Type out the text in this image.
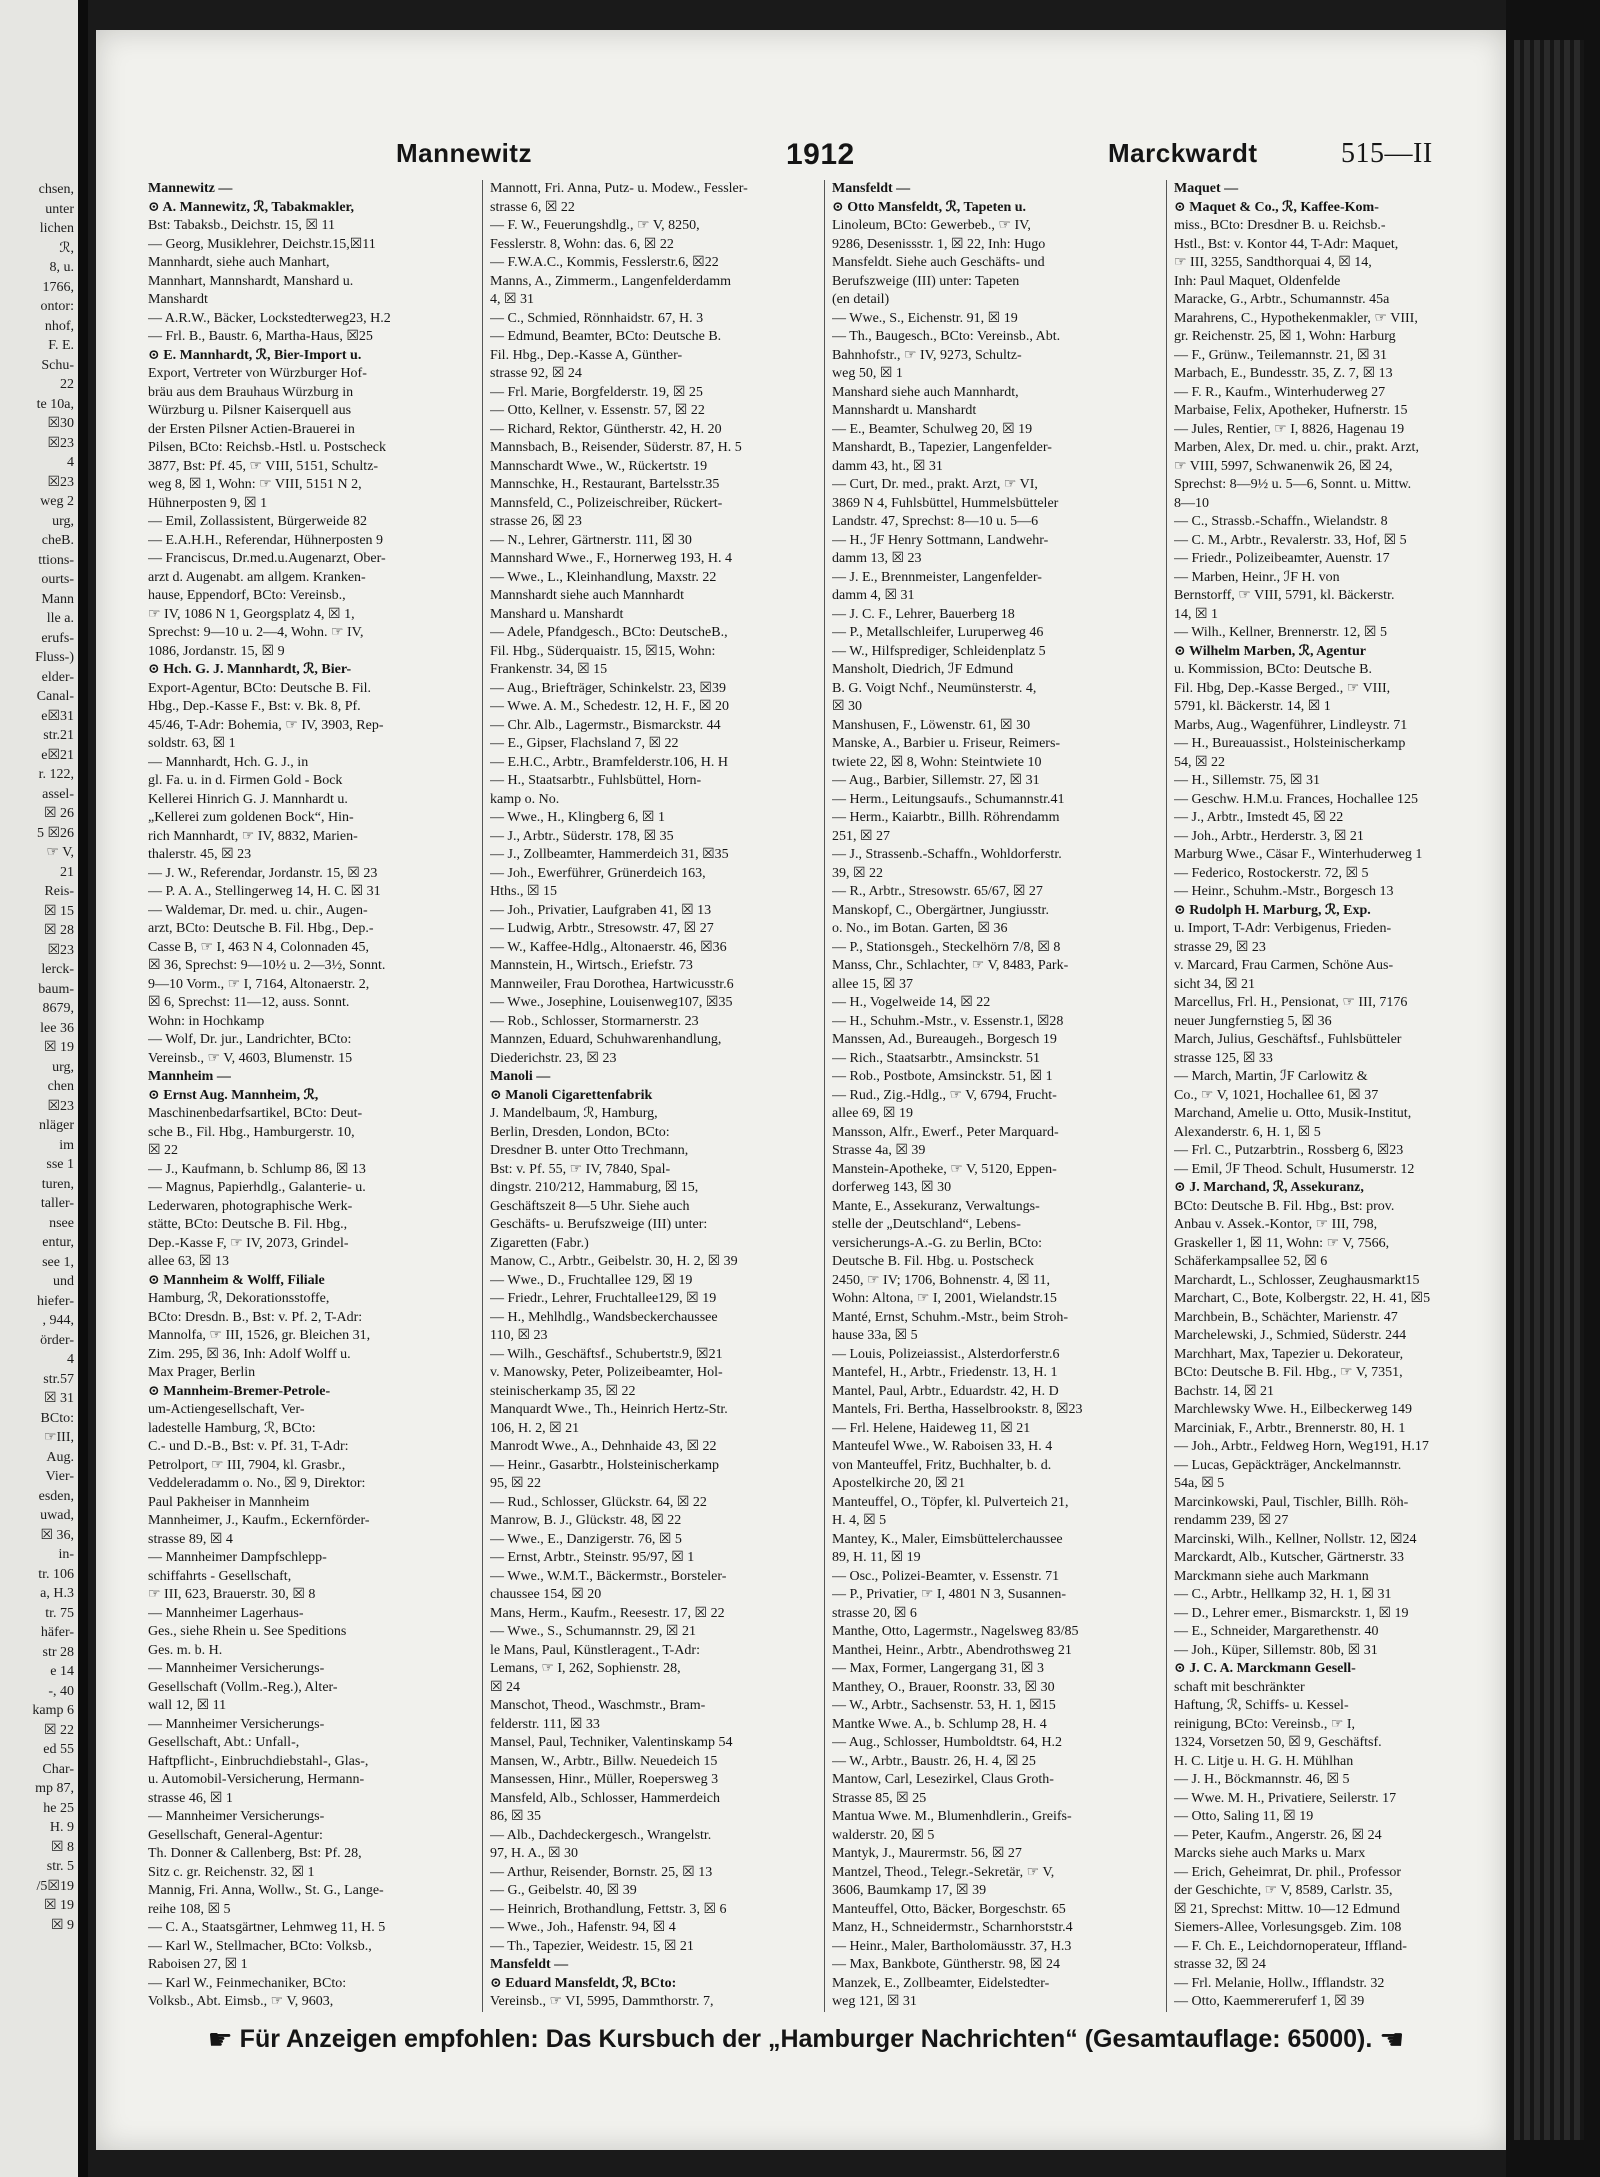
chsen,
unter
lichen
ℛ,
8, u.
1766,
ontor:
nhof,
F. E.
Schu-
22
te 10a,
☒30
☒23
4
☒23
weg 2
urg,
cheB.
ttions-
ourts-
Mann
lle a.
erufs-
Fluss-)
elder-
Canal-
e☒31
str.21
e☒21
r. 122,
assel-
☒ 26
5 ☒26
☞ V,
21
Reis-
☒ 15
☒ 28
☒23
lerck-
baum-
8679,
lee 36
☒ 19
urg,
chen
☒23
nläger
im
sse 1
turen,
taller-
nsee
entur,
see 1,
und
hiefer-
, 944,
örder-
4
str.57
☒ 31
BCto:
☞III,
Aug.
Vier-
esden,
uwad,
☒ 36,
in-
tr. 106
a, H.3
tr. 75
häfer-
str 28
e 14
-, 40
kamp 6
☒ 22
ed 55
Char-
mp 87,
he 25
H. 9
☒ 8
str. 5
/5☒19
☒ 19
☒ 9
Mannewitz	1912	Marckwardt	515—II
Mannewitz —
⊙ A. Mannewitz, ℛ, Tabakmakler,
Bst: Tabaksb., Deichstr. 15, ☒ 11
— Georg, Musiklehrer, Deichstr.15,☒11
Mannhardt, siehe auch Manhart,
Mannhart, Mannshardt, Manshard u.
Manshardt
— A.R.W., Bäcker, Lockstedterweg23, H.2
— Frl. B., Baustr. 6, Martha-Haus, ☒25
⊙ E. Mannhardt, ℛ, Bier-Import u.
Export, Vertreter von Würzburger Hof-
bräu aus dem Brauhaus Würzburg in
Würzburg u. Pilsner Kaiserquell aus
der Ersten Pilsner Actien-Brauerei in
Pilsen, BCto: Reichsb.-Hstl. u. Postscheck
3877, Bst: Pf. 45, ☞ VIII, 5151, Schultz-
weg 8, ☒ 1, Wohn: ☞ VIII, 5151 N 2,
Hühnerposten 9, ☒ 1
— Emil, Zollassistent, Bürgerweide 82
— E.A.H.H., Referendar, Hühnerposten 9
— Franciscus, Dr.med.u.Augenarzt, Ober-
arzt d. Augenabt. am allgem. Kranken-
hause, Eppendorf, BCto: Vereinsb.,
☞ IV, 1086 N 1, Georgsplatz 4, ☒ 1,
Sprechst: 9—10 u. 2—4, Wohn. ☞ IV,
1086, Jordanstr. 15, ☒ 9
⊙ Hch. G. J. Mannhardt, ℛ, Bier-
Export-Agentur, BCto: Deutsche B. Fil.
Hbg., Dep.-Kasse F., Bst: v. Bk. 8, Pf.
45/46, T-Adr: Bohemia, ☞ IV, 3903, Rep-
soldstr. 63, ☒ 1
— Mannhardt, Hch. G. J., in
gl. Fa. u. in d. Firmen Gold - Bock
Kellerei Hinrich G. J. Mannhardt u.
„Kellerei zum goldenen Bock“, Hin-
rich Mannhardt, ☞ IV, 8832, Marien-
thalerstr. 45, ☒ 23
— J. W., Referendar, Jordanstr. 15, ☒ 23
— P. A. A., Stellingerweg 14, H. C. ☒ 31
— Waldemar, Dr. med. u. chir., Augen-
arzt, BCto: Deutsche B. Fil. Hbg., Dep.-
Casse B, ☞ I, 463 N 4, Colonnaden 45,
☒ 36, Sprechst: 9—10½ u. 2—3½, Sonnt.
9—10 Vorm., ☞ I, 7164, Altonaerstr. 2,
☒ 6, Sprechst: 11—12, auss. Sonnt.
Wohn: in Hochkamp
— Wolf, Dr. jur., Landrichter, BCto:
Vereinsb., ☞ V, 4603, Blumenstr. 15
Mannheim —
⊙ Ernst Aug. Mannheim, ℛ,
Maschinenbedarfsartikel, BCto: Deut-
sche B., Fil. Hbg., Hamburgerstr. 10,
☒ 22
— J., Kaufmann, b. Schlump 86, ☒ 13
— Magnus, Papierhdlg., Galanterie- u.
Lederwaren, photographische Werk-
stätte, BCto: Deutsche B. Fil. Hbg.,
Dep.-Kasse F, ☞ IV, 2073, Grindel-
allee 63, ☒ 13
⊙ Mannheim & Wolff, Filiale
Hamburg, ℛ, Dekorationsstoffe,
BCto: Dresdn. B., Bst: v. Pf. 2, T-Adr:
Mannolfa, ☞ III, 1526, gr. Bleichen 31,
Zim. 295, ☒ 36, Inh: Adolf Wolff u.
Max Prager, Berlin
⊙ Mannheim-Bremer-Petrole-
um-Actiengesellschaft, Ver-
ladestelle Hamburg, ℛ, BCto:
C.- und D.-B., Bst: v. Pf. 31, T-Adr:
Petrolport, ☞ III, 7904, kl. Grasbr.,
Veddeleradamm o. No., ☒ 9, Direktor:
Paul Pakheiser in Mannheim
Mannheimer, J., Kaufm., Eckernförder-
strasse 89, ☒ 4
— Mannheimer Dampfschlepp-
schiffahrts - Gesellschaft,
☞ III, 623, Brauerstr. 30, ☒ 8
— Mannheimer Lagerhaus-
Ges., siehe Rhein u. See Speditions
Ges. m. b. H.
— Mannheimer Versicherungs-
Gesellschaft (Vollm.-Reg.), Alter-
wall 12, ☒ 11
— Mannheimer Versicherungs-
Gesellschaft, Abt.: Unfall-,
Haftpflicht-, Einbruchdiebstahl-, Glas-,
u. Automobil-Versicherung, Hermann-
strasse 46, ☒ 1
— Mannheimer Versicherungs-
Gesellschaft, General-Agentur:
Th. Donner & Callenberg, Bst: Pf. 28,
Sitz c. gr. Reichenstr. 32, ☒ 1
Mannig, Fri. Anna, Wollw., St. G., Lange-
reihe 108, ☒ 5
— C. A., Staatsgärtner, Lehmweg 11, H. 5
— Karl W., Stellmacher, BCto: Volksb.,
Raboisen 27, ☒ 1
— Karl W., Feinmechaniker, BCto:
Volksb., Abt. Eimsb., ☞ V, 9603,
Mannott, Fri. Anna, Putz- u. Modew., Fessler-
strasse 6, ☒ 22
— F. W., Feuerungshdlg., ☞ V, 8250,
Fesslerstr. 8, Wohn: das. 6, ☒ 22
— F.W.A.C., Kommis, Fesslerstr.6, ☒22
Manns, A., Zimmerm., Langenfelderdamm
4, ☒ 31
— C., Schmied, Rönnhaidstr. 67, H. 3
— Edmund, Beamter, BCto: Deutsche B.
Fil. Hbg., Dep.-Kasse A, Günther-
strasse 92, ☒ 24
— Frl. Marie, Borgfelderstr. 19, ☒ 25
— Otto, Kellner, v. Essenstr. 57, ☒ 22
— Richard, Rektor, Güntherstr. 42, H. 20
Mannsbach, B., Reisender, Süderstr. 87, H. 5
Mannschardt Wwe., W., Rückertstr. 19
Mannschke, H., Restaurant, Bartelsstr.35
Mannsfeld, C., Polizeischreiber, Rückert-
strasse 26, ☒ 23
— N., Lehrer, Gärtnerstr. 111, ☒ 30
Mannshard Wwe., F., Hornerweg 193, H. 4
— Wwe., L., Kleinhandlung, Maxstr. 22
Mannshardt siehe auch Mannhardt
Manshard u. Manshardt
— Adele, Pfandgesch., BCto: DeutscheB.,
Fil. Hbg., Süderquaistr. 15, ☒15, Wohn:
Frankenstr. 34, ☒ 15
— Aug., Briefträger, Schinkelstr. 23, ☒39
— Wwe. A. M., Schedestr. 12, H. F., ☒ 20
— Chr. Alb., Lagermstr., Bismarckstr. 44
— E., Gipser, Flachsland 7, ☒ 22
— E.H.C., Arbtr., Bramfelderstr.106, H. H
— H., Staatsarbtr., Fuhlsbüttel, Horn-
kamp o. No.
— Wwe., H., Klingberg 6, ☒ 1
— J., Arbtr., Süderstr. 178, ☒ 35
— J., Zollbeamter, Hammerdeich 31, ☒35
— Joh., Ewerführer, Grünerdeich 163,
Hths., ☒ 15
— Joh., Privatier, Laufgraben 41, ☒ 13
— Ludwig, Arbtr., Stresowstr. 47, ☒ 27
— W., Kaffee-Hdlg., Altonaerstr. 46, ☒36
Mannstein, H., Wirtsch., Eriefstr. 73
Mannweiler, Frau Dorothea, Hartwicusstr.6
— Wwe., Josephine, Louisenweg107, ☒35
— Rob., Schlosser, Stormarnerstr. 23
Mannzen, Eduard, Schuhwarenhandlung,
Diederichstr. 23, ☒ 23
Manoli —
⊙ Manoli Cigarettenfabrik
J. Mandelbaum, ℛ, Hamburg,
Berlin, Dresden, London, BCto:
Dresdner B. unter Otto Trechmann,
Bst: v. Pf. 55, ☞ IV, 7840, Spal-
dingstr. 210/212, Hammaburg, ☒ 15,
Geschäftszeit 8—5 Uhr. Siehe auch
Geschäfts- u. Berufszweige (III) unter:
Zigaretten (Fabr.)
Manow, C., Arbtr., Geibelstr. 30, H. 2, ☒ 39
— Wwe., D., Fruchtallee 129, ☒ 19
— Friedr., Lehrer, Fruchtallee129, ☒ 19
— H., Mehlhdlg., Wandsbeckerchaussee
110, ☒ 23
— Wilh., Geschäftsf., Schubertstr.9, ☒21
v. Manowsky, Peter, Polizeibeamter, Hol-
steinischerkamp 35, ☒ 22
Manquardt Wwe., Th., Heinrich Hertz-Str.
106, H. 2, ☒ 21
Manrodt Wwe., A., Dehnhaide 43, ☒ 22
— Heinr., Gasarbtr., Holsteinischerkamp
95, ☒ 22
— Rud., Schlosser, Glückstr. 64, ☒ 22
Manrow, B. J., Glückstr. 48, ☒ 22
— Wwe., E., Danzigerstr. 76, ☒ 5
— Ernst, Arbtr., Steinstr. 95/97, ☒ 1
— Wwe., W.M.T., Bäckermstr., Borsteler-
chaussee 154, ☒ 20
Mans, Herm., Kaufm., Reesestr. 17, ☒ 22
— Wwe., S., Schumannstr. 29, ☒ 21
le Mans, Paul, Künstleragent., T-Adr:
Lemans, ☞ I, 262, Sophienstr. 28,
☒ 24
Manschot, Theod., Waschmstr., Bram-
felderstr. 111, ☒ 33
Mansel, Paul, Techniker, Valentinskamp 54
Mansen, W., Arbtr., Billw. Neuedeich 15
Mansessen, Hinr., Müller, Roepersweg 3
Mansfeld, Alb., Schlosser, Hammerdeich
86, ☒ 35
— Alb., Dachdeckergesch., Wrangelstr.
97, H. A., ☒ 30
— Arthur, Reisender, Bornstr. 25, ☒ 13
— G., Geibelstr. 40, ☒ 39
— Heinrich, Brothandlung, Fettstr. 3, ☒ 6
— Wwe., Joh., Hafenstr. 94, ☒ 4
— Th., Tapezier, Weidestr. 15, ☒ 21
Mansfeldt —
⊙ Eduard Mansfeldt, ℛ, BCto:
Vereinsb., ☞ VI, 5995, Dammthorstr. 7,
Mansfeldt —
⊙ Otto Mansfeldt, ℛ, Tapeten u.
Linoleum, BCto: Gewerbeb., ☞ IV,
9286, Desenissstr. 1, ☒ 22, Inh: Hugo
Mansfeldt. Siehe auch Geschäfts- und
Berufszweige (III) unter: Tapeten
(en detail)
— Wwe., S., Eichenstr. 91, ☒ 19
— Th., Baugesch., BCto: Vereinsb., Abt.
Bahnhofstr., ☞ IV, 9273, Schultz-
weg 50, ☒ 1
Manshard siehe auch Mannhardt,
Mannshardt u. Manshardt
— E., Beamter, Schulweg 20, ☒ 19
Manshardt, B., Tapezier, Langenfelder-
damm 43, ht., ☒ 31
— Curt, Dr. med., prakt. Arzt, ☞ VI,
3869 N 4, Fuhlsbüttel, Hummelsbütteler
Landstr. 47, Sprechst: 8—10 u. 5—6
— H., ℐF Henry Sottmann, Landwehr-
damm 13, ☒ 23
— J. E., Brennmeister, Langenfelder-
damm 4, ☒ 31
— J. C. F., Lehrer, Bauerberg 18
— P., Metallschleifer, Luruperweg 46
— W., Hilfsprediger, Schleidenplatz 5
Mansholt, Diedrich, ℐF Edmund
B. G. Voigt Nchf., Neumünsterstr. 4,
☒ 30
Manshusen, F., Löwenstr. 61, ☒ 30
Manske, A., Barbier u. Friseur, Reimers-
twiete 22, ☒ 8, Wohn: Steintwiete 10
— Aug., Barbier, Sillemstr. 27, ☒ 31
— Herm., Leitungsaufs., Schumannstr.41
— Herm., Kaiarbtr., Billh. Röhrendamm
251, ☒ 27
— J., Strassenb.-Schaffn., Wohldorferstr.
39, ☒ 22
— R., Arbtr., Stresowstr. 65/67, ☒ 27
Manskopf, C., Obergärtner, Jungiusstr.
o. No., im Botan. Garten, ☒ 36
— P., Stationsgeh., Steckelhörn 7/8, ☒ 8
Manss, Chr., Schlachter, ☞ V, 8483, Park-
allee 15, ☒ 37
— H., Vogelweide 14, ☒ 22
— H., Schuhm.-Mstr., v. Essenstr.1, ☒28
Manssen, Ad., Bureaugeh., Borgesch 19
— Rich., Staatsarbtr., Amsinckstr. 51
— Rob., Postbote, Amsinckstr. 51, ☒ 1
— Rud., Zig.-Hdlg., ☞ V, 6794, Frucht-
allee 69, ☒ 19
Mansson, Alfr., Ewerf., Peter Marquard-
Strasse 4a, ☒ 39
Manstein-Apotheke, ☞ V, 5120, Eppen-
dorferweg 143, ☒ 30
Mante, E., Assekuranz, Verwaltungs-
stelle der „Deutschland“, Lebens-
versicherungs-A.-G. zu Berlin, BCto:
Deutsche B. Fil. Hbg. u. Postscheck
2450, ☞ IV; 1706, Bohnenstr. 4, ☒ 11,
Wohn: Altona, ☞ I, 2001, Wielandstr.15
Manté, Ernst, Schuhm.-Mstr., beim Stroh-
hause 33a, ☒ 5
— Louis, Polizeiassist., Alsterdorferstr.6
Mantefel, H., Arbtr., Friedenstr. 13, H. 1
Mantel, Paul, Arbtr., Eduardstr. 42, H. D
Mantels, Fri. Bertha, Hasselbrookstr. 8, ☒23
— Frl. Helene, Haideweg 11, ☒ 21
Manteufel Wwe., W. Raboisen 33, H. 4
von Manteuffel, Fritz, Buchhalter, b. d.
Apostelkirche 20, ☒ 21
Manteuffel, O., Töpfer, kl. Pulverteich 21,
H. 4, ☒ 5
Mantey, K., Maler, Eimsbüttelerchaussee
89, H. 11, ☒ 19
— Osc., Polizei-Beamter, v. Essenstr. 71
— P., Privatier, ☞ I, 4801 N 3, Susannen-
strasse 20, ☒ 6
Manthe, Otto, Lagermstr., Nagelsweg 83/85
Manthei, Heinr., Arbtr., Abendrothsweg 21
— Max, Former, Langergang 31, ☒ 3
Manthey, O., Brauer, Roonstr. 33, ☒ 30
— W., Arbtr., Sachsenstr. 53, H. 1, ☒15
Mantke Wwe. A., b. Schlump 28, H. 4
— Aug., Schlosser, Humboldtstr. 64, H.2
— W., Arbtr., Baustr. 26, H. 4, ☒ 25
Mantow, Carl, Lesezirkel, Claus Groth-
Strasse 85, ☒ 25
Mantua Wwe. M., Blumenhdlerin., Greifs-
walderstr. 20, ☒ 5
Mantyk, J., Maurermstr. 56, ☒ 27
Mantzel, Theod., Telegr.-Sekretär, ☞ V,
3606, Baumkamp 17, ☒ 39
Manteuffel, Otto, Bäcker, Borgeschstr. 65
Manz, H., Schneidermstr., Scharnhorststr.4
— Heinr., Maler, Bartholomäusstr. 37, H.3
— Max, Bankbote, Güntherstr. 98, ☒ 24
Manzek, E., Zollbeamter, Eidelstedter-
weg 121, ☒ 31
Maquet —
⊙ Maquet & Co., ℛ, Kaffee-Kom-
miss., BCto: Dresdner B. u. Reichsb.-
Hstl., Bst: v. Kontor 44, T-Adr: Maquet,
☞ III, 3255, Sandthorquai 4, ☒ 14,
Inh: Paul Maquet, Oldenfelde
Maracke, G., Arbtr., Schumannstr. 45a
Marahrens, C., Hypothekenmakler, ☞ VIII,
gr. Reichenstr. 25, ☒ 1, Wohn: Harburg
— F., Grünw., Teilemannstr. 21, ☒ 31
Marbach, E., Bundesstr. 35, Z. 7, ☒ 13
— F. R., Kaufm., Winterhuderweg 27
Marbaise, Felix, Apotheker, Hufnerstr. 15
— Jules, Rentier, ☞ I, 8826, Hagenau 19
Marben, Alex, Dr. med. u. chir., prakt. Arzt,
☞ VIII, 5997, Schwanenwik 26, ☒ 24,
Sprechst: 8—9½ u. 5—6, Sonnt. u. Mittw.
8—10
— C., Strassb.-Schaffn., Wielandstr. 8
— C. M., Arbtr., Revalerstr. 33, Hof, ☒ 5
— Friedr., Polizeibeamter, Auenstr. 17
— Marben, Heinr., ℐF H. von
Bernstorff, ☞ VIII, 5791, kl. Bäckerstr.
14, ☒ 1
— Wilh., Kellner, Brennerstr. 12, ☒ 5
⊙ Wilhelm Marben, ℛ, Agentur
u. Kommission, BCto: Deutsche B.
Fil. Hbg, Dep.-Kasse Berged., ☞ VIII,
5791, kl. Bäckerstr. 14, ☒ 1
Marbs, Aug., Wagenführer, Lindleystr. 71
— H., Bureauassist., Holsteinischerkamp
54, ☒ 22
— H., Sillemstr. 75, ☒ 31
— Geschw. H.M.u. Frances, Hochallee 125
— J., Arbtr., Imstedt 45, ☒ 22
— Joh., Arbtr., Herderstr. 3, ☒ 21
Marburg Wwe., Cäsar F., Winterhuderweg 1
— Federico, Rostockerstr. 72, ☒ 5
— Heinr., Schuhm.-Mstr., Borgesch 13
⊙ Rudolph H. Marburg, ℛ, Exp.
u. Import, T-Adr: Verbigenus, Frieden-
strasse 29, ☒ 23
v. Marcard, Frau Carmen, Schöne Aus-
sicht 34, ☒ 21
Marcellus, Frl. H., Pensionat, ☞ III, 7176
neuer Jungfernstieg 5, ☒ 36
March, Julius, Geschäftsf., Fuhlsbütteler
strasse 125, ☒ 33
— March, Martin, ℐF Carlowitz &
Co., ☞ V, 1021, Hochallee 61, ☒ 37
Marchand, Amelie u. Otto, Musik-Institut,
Alexanderstr. 6, H. 1, ☒ 5
— Frl. C., Putzarbtrin., Rossberg 6, ☒23
— Emil, ℐF Theod. Schult, Husumerstr. 12
⊙ J. Marchand, ℛ, Assekuranz,
BCto: Deutsche B. Fil. Hbg., Bst: prov.
Anbau v. Assek.-Kontor, ☞ III, 798,
Graskeller 1, ☒ 11, Wohn: ☞ V, 7566,
Schäferkampsallee 52, ☒ 6
Marchardt, L., Schlosser, Zeughausmarkt15
Marchart, C., Bote, Kolbergstr. 22, H. 41, ☒5
Marchbein, B., Schächter, Marienstr. 47
Marchelewski, J., Schmied, Süderstr. 244
Marchhart, Max, Tapezier u. Dekorateur,
BCto: Deutsche B. Fil. Hbg., ☞ V, 7351,
Bachstr. 14, ☒ 21
Marchlewsky Wwe. H., Eilbeckerweg 149
Marciniak, F., Arbtr., Brennerstr. 80, H. 1
— Joh., Arbtr., Feldweg Horn, Weg191, H.17
— Lucas, Gepäckträger, Anckelmannstr.
54a, ☒ 5
Marcinkowski, Paul, Tischler, Billh. Röh-
rendamm 239, ☒ 27
Marcinski, Wilh., Kellner, Nollstr. 12, ☒24
Marckardt, Alb., Kutscher, Gärtnerstr. 33
Marckmann siehe auch Markmann
— C., Arbtr., Hellkamp 32, H. 1, ☒ 31
— D., Lehrer emer., Bismarckstr. 1, ☒ 19
— E., Schneider, Margarethenstr. 40
— Joh., Küper, Sillemstr. 80b, ☒ 31
⊙ J. C. A. Marckmann Gesell-
schaft mit beschränkter
Haftung, ℛ, Schiffs- u. Kessel-
reinigung, BCto: Vereinsb., ☞ I,
1324, Vorsetzen 50, ☒ 9, Geschäftsf.
H. C. Litje u. H. G. H. Mühlhan
— J. H., Böckmannstr. 46, ☒ 5
— Wwe. M. H., Privatiere, Seilerstr. 17
— Otto, Saling 11, ☒ 19
— Peter, Kaufm., Angerstr. 26, ☒ 24
Marcks siehe auch Marks u. Marx
— Erich, Geheimrat, Dr. phil., Professor
der Geschichte, ☞ V, 8589, Carlstr. 35,
☒ 21, Sprechst: Mittw. 10—12 Edmund
Siemers-Allee, Vorlesungsgeb. Zim. 108
— F. Ch. E., Leichdornoperateur, Iffland-
strasse 32, ☒ 24
— Frl. Melanie, Hollw., Ifflandstr. 32
— Otto, Kaemmereruferf 1, ☒ 39
☛ Für Anzeigen empfohlen: Das Kursbuch der „Hamburger Nachrichten“ (Gesamtauflage: 65000). ☚
